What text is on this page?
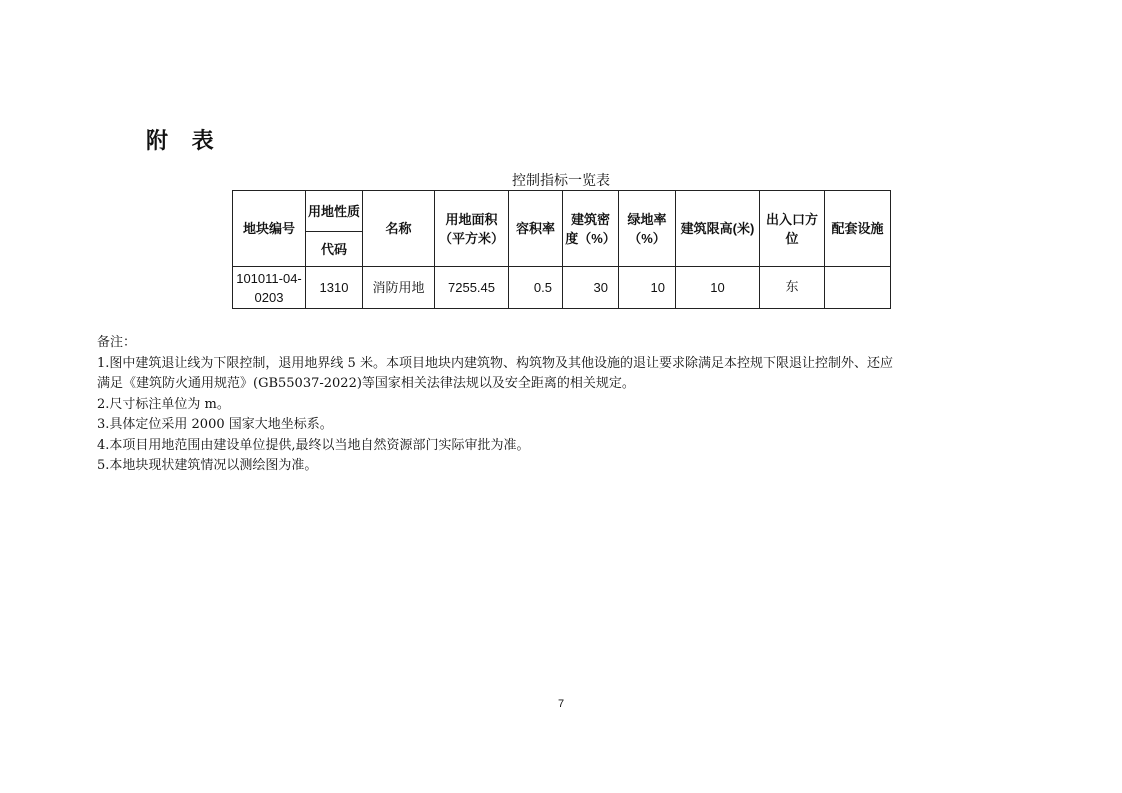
附 表
控制指标一览表
地块编号	用地性质	名称	用地面积（平方米）	容积率	建筑密度（%）	绿地率（%）	建筑限高(米)	出入口方位	配套设施
	代码								
101011-04-0203	1310	消防用地	7255.45	0.5	30	10	10	东	
备注：
1.图中建筑退让线为下限控制，退用地界线 5 米。本项目地块内建筑物、构筑物及其他设施的退让要求除满足本控规下限退让控制外、还应
满足《建筑防火通用规范》(GB55037-2022)等国家相关法律法规以及安全距离的相关规定。
2.尺寸标注单位为 m。
3.具体定位采用 2000 国家大地坐标系。
4.本项目用地范围由建设单位提供,最终以当地自然资源部门实际审批为准。
5.本地块现状建筑情况以测绘图为准。
7
